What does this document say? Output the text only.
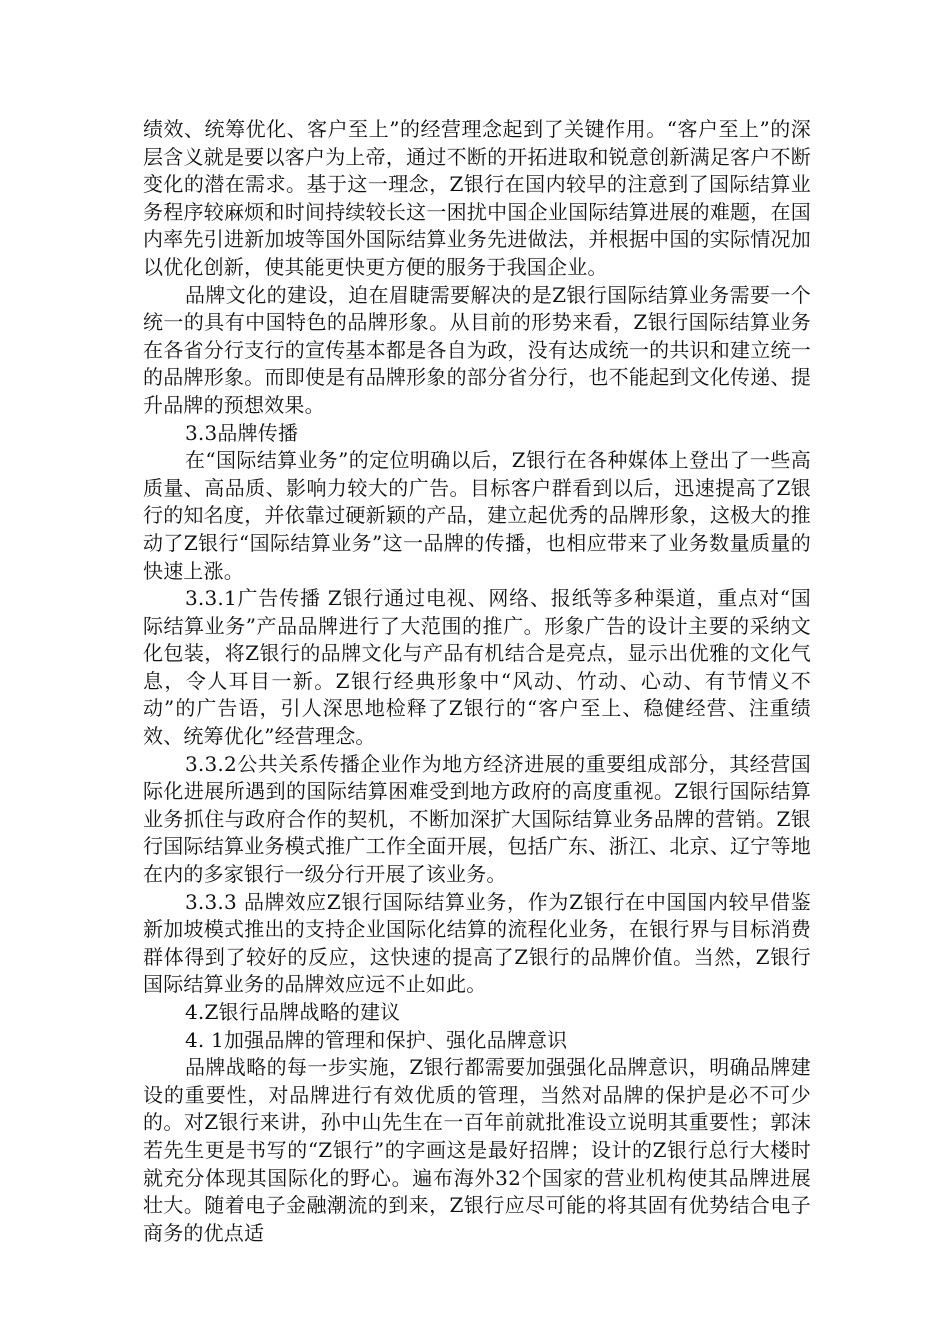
绩效、统筹优化、客户至上”的经营理念起到了关键作用。“客户至上”的深层含义就是要以客户为上帝，通过不断的开拓进取和锐意创新满足客户不断变化的潜在需求。基于这一理念，Z银行在国内较早的注意到了国际结算业务程序较麻烦和时间持续较长这一困扰中国企业国际结算进展的难题，在国内率先引进新加坡等国外国际结算业务先进做法，并根据中国的实际情况加以优化创新，使其能更快更方便的服务于我国企业。

品牌文化的建设，迫在眉睫需要解决的是Z银行国际结算业务需要一个统一的具有中国特色的品牌形象。从目前的形势来看，Z银行国际结算业务在各省分行支行的宣传基本都是各自为政，没有达成统一的共识和建立统一的品牌形象。而即使是有品牌形象的部分省分行，也不能起到文化传递、提升品牌的预想效果。

3.3品牌传播

在“国际结算业务”的定位明确以后，Z银行在各种媒体上登出了一些高质量、高品质、影响力较大的广告。目标客户群看到以后，迅速提高了Z银行的知名度，并依靠过硬新颖的产品，建立起优秀的品牌形象，这极大的推动了Z银行“国际结算业务”这一品牌的传播，也相应带来了业务数量质量的快速上涨。

3.3.1广告传播 Z银行通过电视、网络、报纸等多种渠道，重点对“国际结算业务”产品品牌进行了大范围的推广。形象广告的设计主要的采纳文化包装，将Z银行的品牌文化与产品有机结合是亮点，显示出优雅的文化气息，令人耳目一新。Z银行经典形象中“风动、竹动、心动、有节情义不动”的广告语，引人深思地检释了Z银行的“客户至上、稳健经营、注重绩效、统筹优化”经营理念。

3.3.2公共关系传播企业作为地方经济进展的重要组成部分，其经营国际化进展所遇到的国际结算困难受到地方政府的高度重视。Z银行国际结算业务抓住与政府合作的契机，不断加深扩大国际结算业务品牌的营销。Z银行国际结算业务模式推广工作全面开展，包括广东、浙江、北京、辽宁等地在内的多家银行一级分行开展了该业务。

3.3.3 品牌效应Z银行国际结算业务，作为Z银行在中国国内较早借鉴新加坡模式推出的支持企业国际化结算的流程化业务，在银行界与目标消费群体得到了较好的反应，这快速的提高了Z银行的品牌价值。当然，Z银行国际结算业务的品牌效应远不止如此。

4.Z银行品牌战略的建议

4. 1加强品牌的管理和保护、强化品牌意识

品牌战略的每一步实施，Z银行都需要加强强化品牌意识，明确品牌建设的重要性，对品牌进行有效优质的管理，当然对品牌的保护是必不可少的。对Z银行来讲，孙中山先生在一百年前就批准设立说明其重要性；郭沫若先生更是书写的“Z银行”的字画这是最好招牌；设计的Z银行总行大楼时就充分体现其国际化的野心。遍布海外32个国家的营业机构使其品牌进展壮大。随着电子金融潮流的到来，Z银行应尽可能的将其固有优势结合电子商务的优点适
